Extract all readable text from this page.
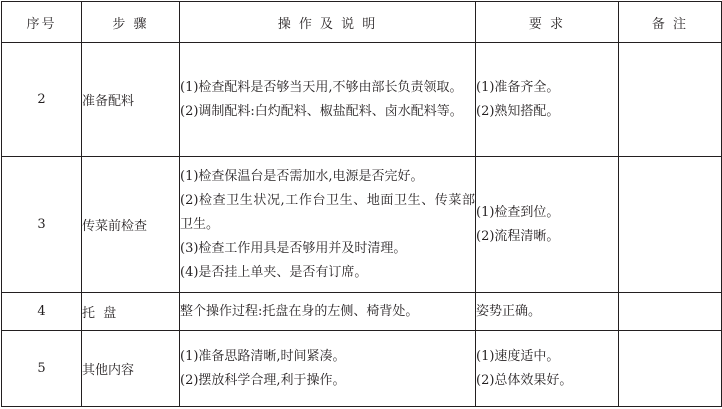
序号	步 骤	操 作 及 说 明	要 求	备 注
2	准备配料	(1)检查配料是否够当天用,不够由部长负责领取。
(2)调制配料:白灼配料、椒盐配料、卤水配料等。	(1)准备齐全。
(2)熟知搭配。	

3	传菜前检查	(1)检查保温台是否需加水,电源是否完好。
(2)检查卫生状况,工作台卫生、地面卫生、传菜部卫生。
(3)检查工作用具是否够用并及时清理。
(4)是否挂上单夹、是否有订席。	(1)检查到位。
(2)流程清晰。	

4	托  盘	整个操作过程:托盘在身的左侧、椅背处。	姿势正确。	

5	其他内容	(1)准备思路清晰,时间紧凑。
(2)摆放科学合理,利于操作。	(1)速度适中。
(2)总体效果好。	
